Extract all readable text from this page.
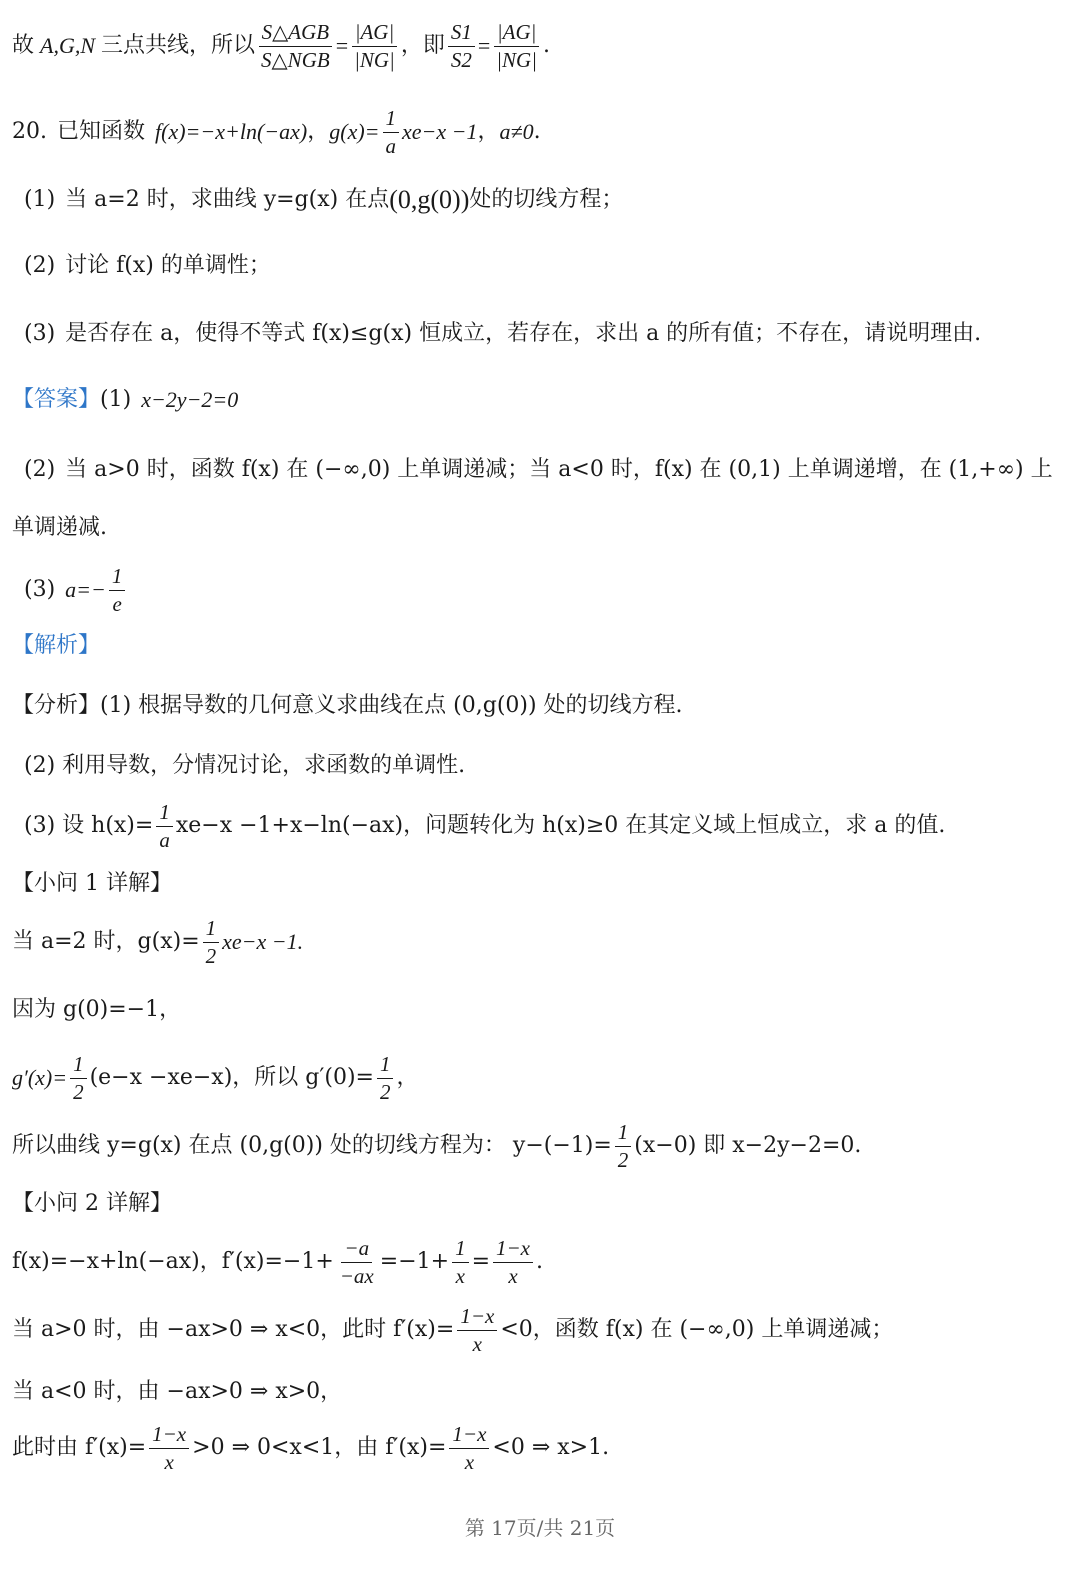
故 A,G,N 三点共线，所以 $\frac{\text{S△AGB}}{\text{S△NGB}} = \frac{|AG|}{|NG|}$ ，即 $\frac{S1}{S2} = \frac{|AG|}{|NG|}$ .
20. 已知函数 f(x)=−x+ln(−ax) ， $g(x)= \frac{1}{a} xe-x -1$ ， a≠0 .
(1) 当 a=2 时，求曲线 y=g(x) 在点 (0,g(0)) 处的切线方程；
(2) 讨论 f(x) 的单调性；
(3) 是否存在 a，使得不等式 f(x)≤g(x) 恒成立，若存在，求出 a 的所有值；不存在，请说明理由.
【答案】 (1) x−2y−2=0
(2) 当 a>0 时，函数 f(x) 在 (−∞,0) 上单调递减；当 a<0 时，f(x) 在 (0,1) 上单调递增，在 (1,+∞) 上
单调递减.
(3) $a=- \frac{1}{e}$
【解析】
【分析】 (1) 根据导数的几何意义求曲线在点 (0,g(0)) 处的切线方程.
(2) 利用导数，分情况讨论，求函数的单调性.
(3) 设 $h(x)= \frac{1}{a} xe-x -1+x-\ln(-ax)$，问题转化为 h(x)≥0 在其定义域上恒成立，求 a 的值.
【小问 1 详解】
当 a=2 时，$g(x)= \frac{1}{2} xe-x -1$.
因为 g(0)=−1，
$g'(x)= \frac{1}{2} (e-x -xe-x)$，所以 $g'(0)= \frac{1}{2}$ ，
所以曲线 y=g(x) 在点 (0,g(0)) 处的切线方程为： $y-(-1)= \frac{1}{2} (x-0)$ 即 x−2y−2=0.
【小问 2 详解】
f(x)=−x+ln(−ax)，$f'(x)=-1+ \frac{-a}{-ax} =-1+ \frac{1}{x} = \frac{1-x}{x}$ .
当 a>0 时，由 −ax>0 ⇒ x<0，此时 $f'(x)= \frac{1-x}{x} <0$，函数 f(x) 在 (−∞,0) 上单调递减；
当 a<0 时，由 −ax>0 ⇒ x>0，
此时由 $f'(x)= \frac{1-x}{x} >0$ ⇒ 0<x<1，由 $f'(x)= \frac{1-x}{x} <0$ ⇒ x>1.
第 17页/共 21页
